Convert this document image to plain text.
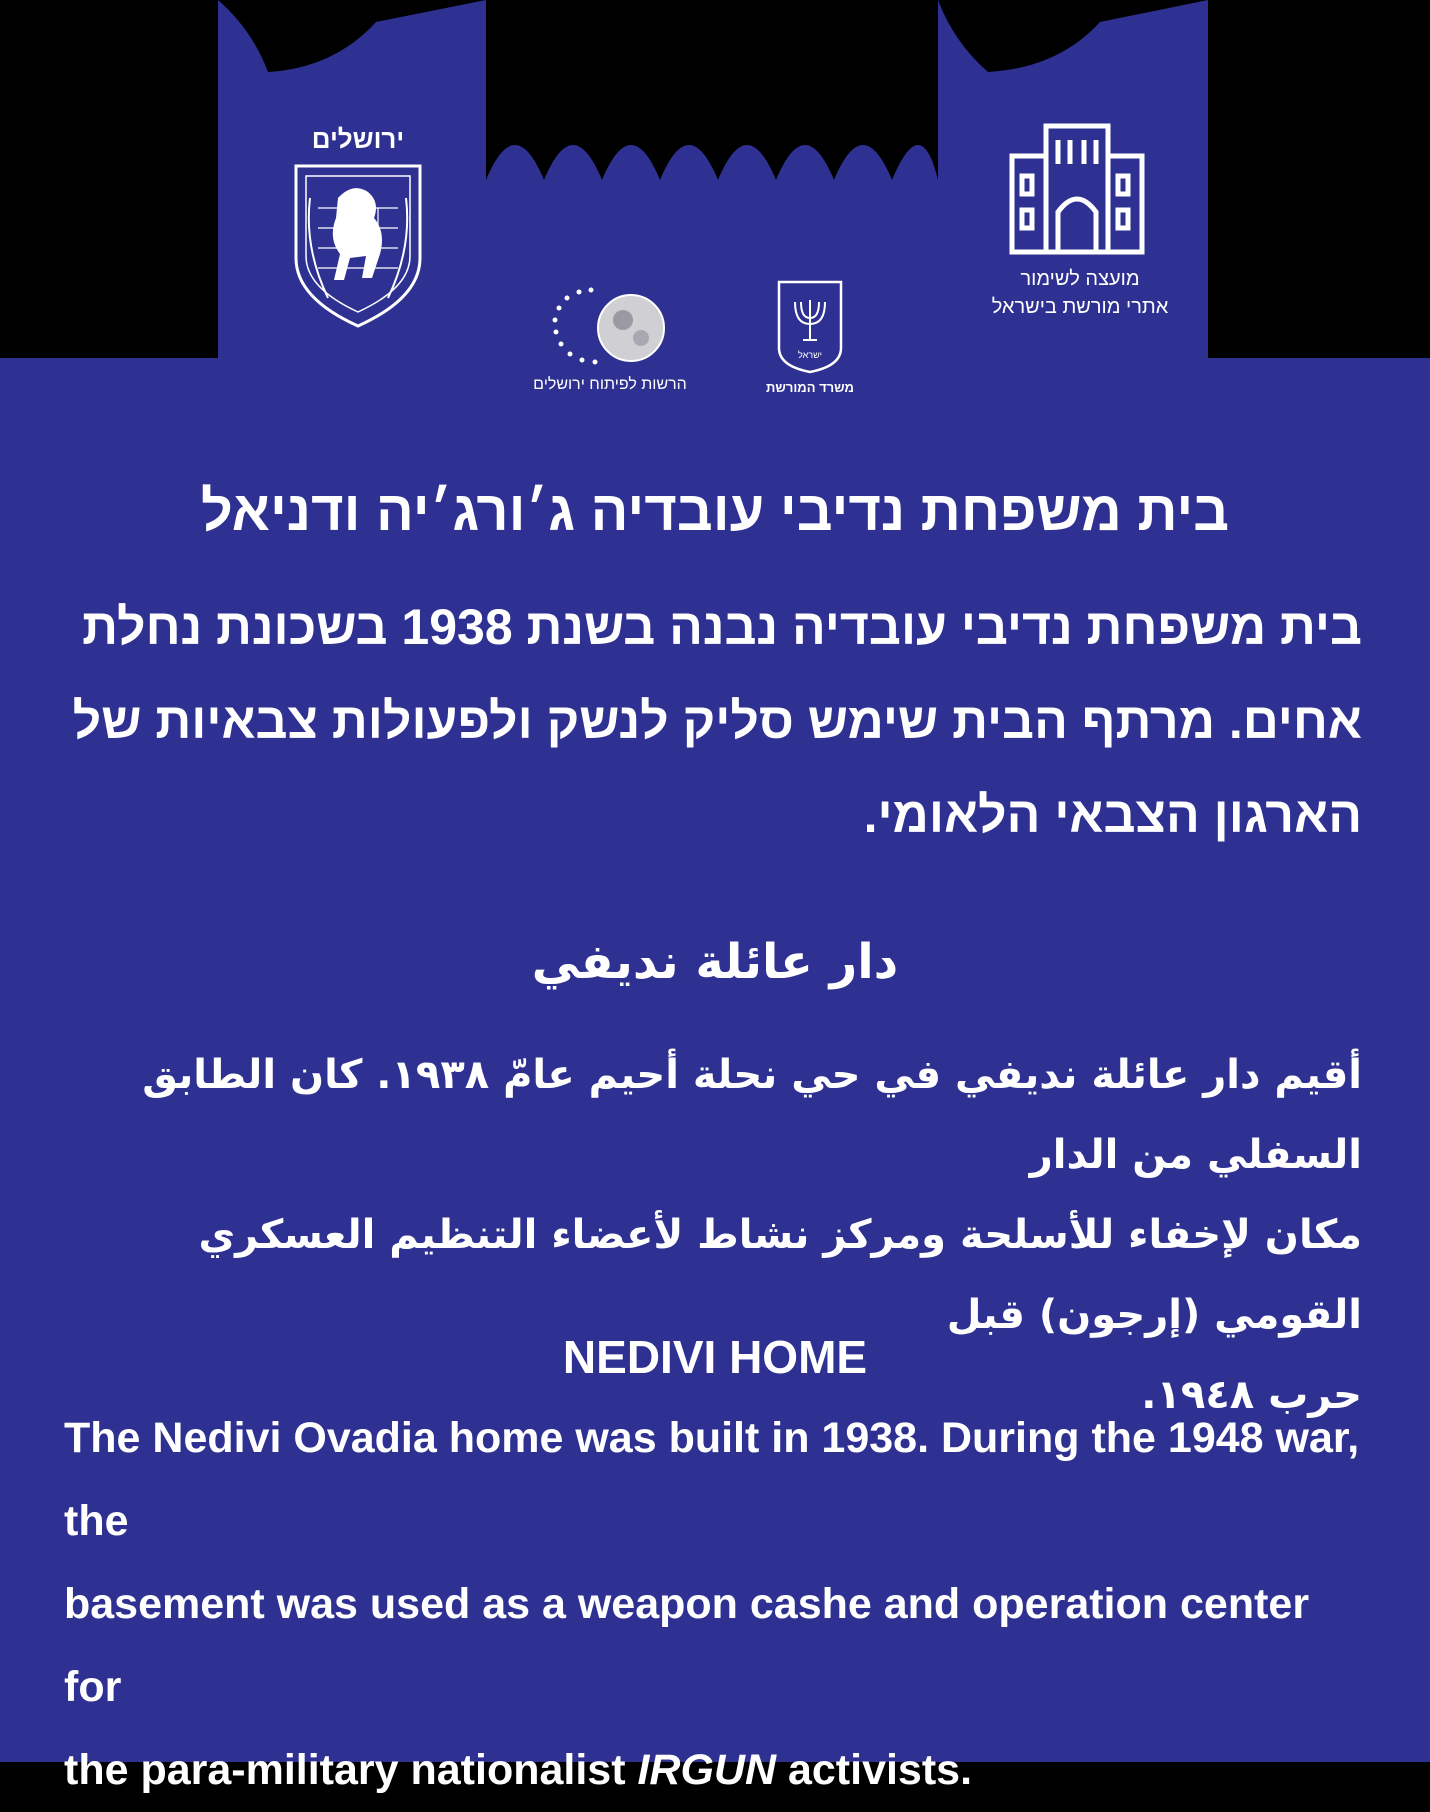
ירושלים
מועצה לשימור
אתרי מורשת בישראל
ישראל
משרד המורשת
הרשות לפיתוח ירושלים
בית משפחת נדיבי עובדיה ג׳ורג׳יה ודניאל
בית משפחת נדיבי עובדיה נבנה בשנת 1938 בשכונת נחלת
אחים. מרתף הבית שימש סליק לנשק ולפעולות צבאיות של
הארגון הצבאי הלאומי.
دار عائلة نديفي
أقيم دار عائلة نديفي في حي نحلة أحيم عامّ ١٩٣٨. كان الطابق السفلي من الدار
مكان لإخفاء للأسلحة ومركز نشاط لأعضاء التنظيم العسكري القومي (إرجون) قبل
حرب ١٩٤٨.
NEDIVI HOME
The Nedivi Ovadia home was built in 1938. During the 1948 war, the
basement was used as a weapon cashe and operation center for
the para-military nationalist IRGUN activists.
